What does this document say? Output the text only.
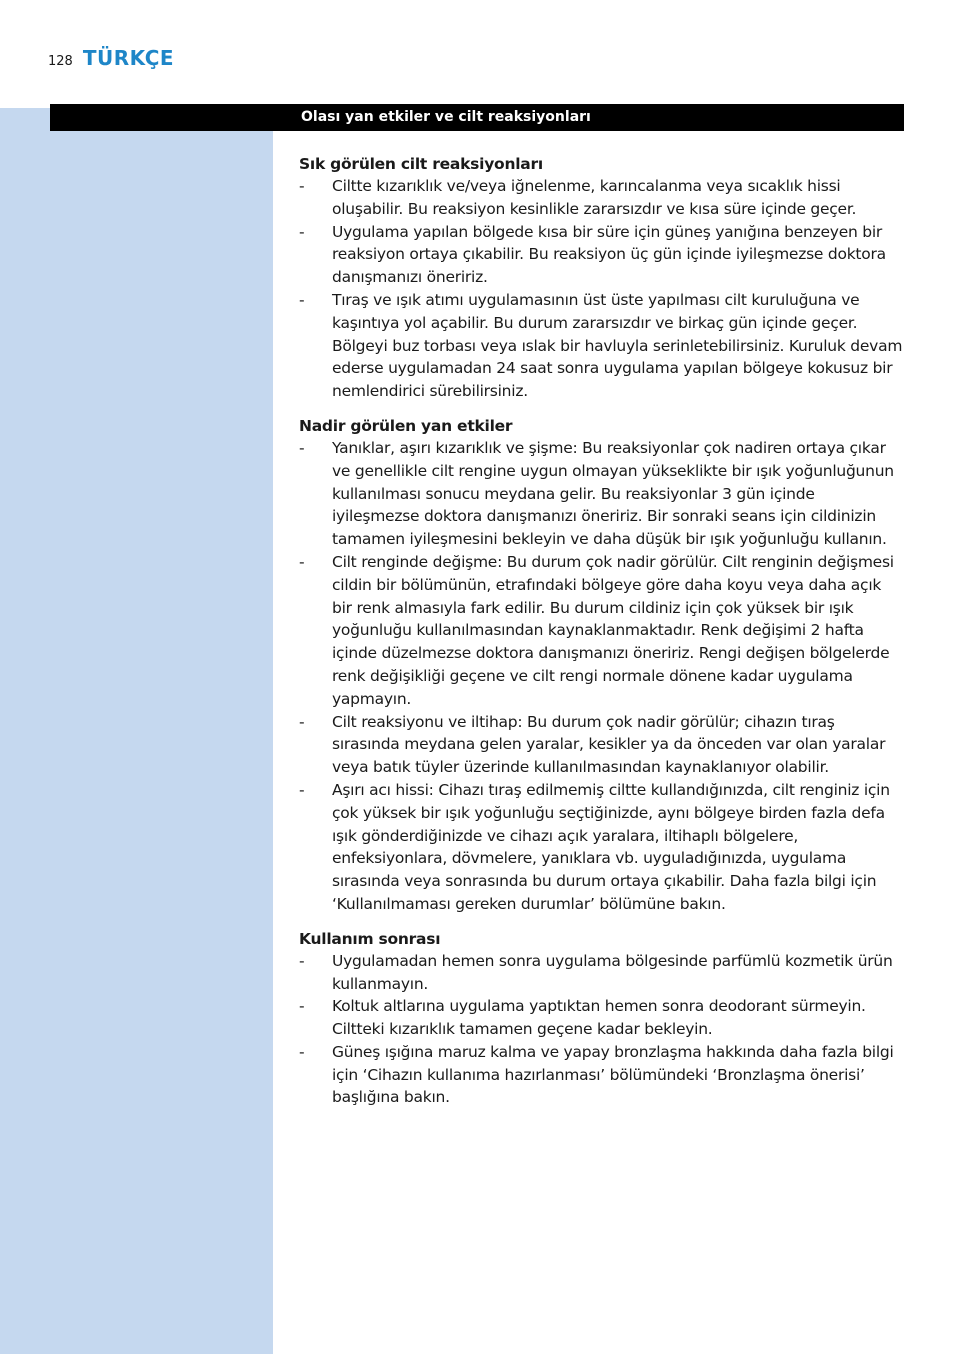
128 TÜRKÇE
Olası yan etkiler ve cilt reaksiyonları

Sık görülen cilt reaksiyonları

-	Ciltte kızarıklık ve/veya iğnelenme, karıncalanma veya sıcaklık hissi oluşabilir. Bu reaksiyon kesinlikle zararsızdır ve kısa süre içinde geçer.
-	Uygulama yapılan bölgede kısa bir süre için güneş yanığına benzeyen bir reaksiyon ortaya çıkabilir. Bu reaksiyon üç gün içinde iyileşmezse doktora danışmanızı öneririz.
-	Tıraş ve ışık atımı uygulamasının üst üste yapılması cilt kuruluğuna ve kaşıntıya yol açabilir. Bu durum zararsızdır ve birkaç gün içinde geçer. Bölgeyi buz torbası veya ıslak bir havluyla serinletebilirsiniz. Kuruluk devam ederse uygulamadan 24 saat sonra uygulama yapılan bölgeye kokusuz bir nemlendirici sürebilirsiniz.

Nadir görülen yan etkiler

-	Yanıklar, aşırı kızarıklık ve şişme: Bu reaksiyonlar çok nadiren ortaya çıkar ve genellikle cilt rengine uygun olmayan yükseklikte bir ışık yoğunluğunun kullanılması sonucu meydana gelir. Bu reaksiyonlar 3 gün içinde iyileşmezse doktora danışmanızı öneririz. Bir sonraki seans için cildinizin tamamen iyileşmesini bekleyin ve daha düşük bir ışık yoğunluğu kullanın.
-	Cilt renginde değişme: Bu durum çok nadir görülür. Cilt renginin değişmesi cildin bir bölümünün, etrafındaki bölgeye göre daha koyu veya daha açık bir renk almasıyla fark edilir. Bu durum cildiniz için çok yüksek bir ışık yoğunluğu kullanılmasından kaynaklanmaktadır. Renk değişimi 2 hafta içinde düzelmezse doktora danışmanızı öneririz. Rengi değişen bölgelerde renk değişikliği geçene ve cilt rengi normale dönene kadar uygulama yapmayın.
-	Cilt reaksiyonu ve iltihap: Bu durum çok nadir görülür; cihazın tıraş sırasında meydana gelen yaralar, kesikler ya da önceden var olan yaralar veya batık tüyler üzerinde kullanılmasından kaynaklanıyor olabilir.
-	Aşırı acı hissi: Cihazı tıraş edilmemiş ciltte kullandığınızda, cilt renginiz için çok yüksek bir ışık yoğunluğu seçtiğinizde, aynı bölgeye birden fazla defa ışık gönderdiğinizde ve cihazı açık yaralara, iltihaplı bölgelere, enfeksiyonlara, dövmelere, yanıklara vb. uyguladığınızda, uygulama sırasında veya sonrasında bu durum ortaya çıkabilir. Daha fazla bilgi için ‘Kullanılmaması gereken durumlar’ bölümüne bakın.

Kullanım sonrası

-	Uygulamadan hemen sonra uygulama bölgesinde parfümlü kozmetik ürün kullanmayın.
-	Koltuk altlarına uygulama yaptıktan hemen sonra deodorant sürmeyin. Ciltteki kızarıklık tamamen geçene kadar bekleyin.
-	Güneş ışığına maruz kalma ve yapay bronzlaşma hakkında daha fazla bilgi için ‘Cihazın kullanıma hazırlanması’ bölümündeki ‘Bronzlaşma önerisi’ başlığına bakın.
